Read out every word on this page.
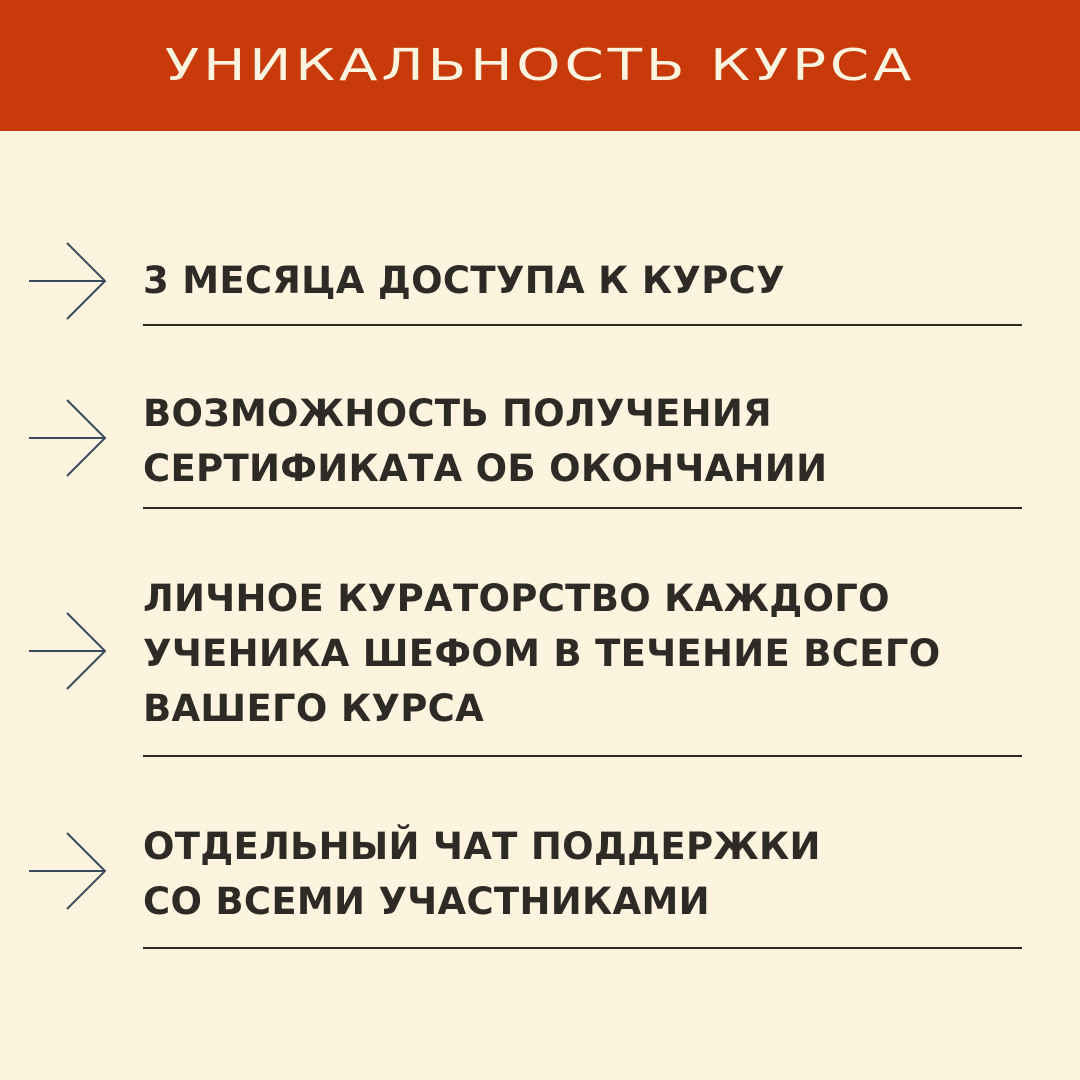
УНИКАЛЬНОСТЬ КУРСА
3 МЕСЯЦА ДОСТУПА К КУРСУ
ВОЗМОЖНОСТЬ ПОЛУЧЕНИЯ
СЕРТИФИКАТА ОБ ОКОНЧАНИИ
ЛИЧНОЕ КУРАТОРСТВО КАЖДОГО
УЧЕНИКА ШЕФОМ В ТЕЧЕНИЕ ВСЕГО
ВАШЕГО КУРСА
ОТДЕЛЬНЫЙ ЧАТ ПОДДЕРЖКИ
СО ВСЕМИ УЧАСТНИКАМИ
